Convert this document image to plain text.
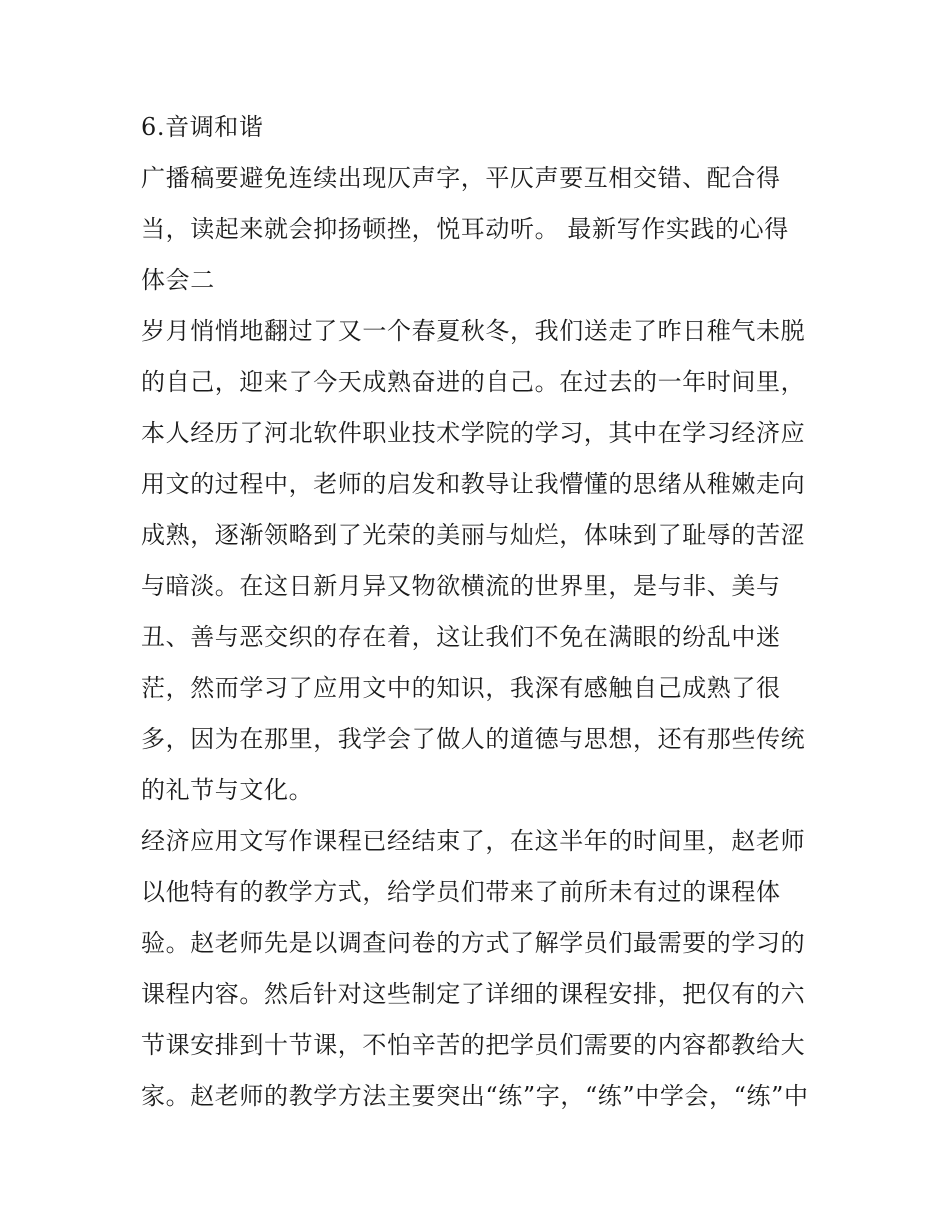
6.音调和谐
广播稿要避免连续出现仄声字，平仄声要互相交错、配合得
当，读起来就会抑扬顿挫，悦耳动听。 最新写作实践的心得
体会二
岁月悄悄地翻过了又一个春夏秋冬，我们送走了昨日稚气未脱
的自己，迎来了今天成熟奋进的自己。在过去的一年时间里，
本人经历了河北软件职业技术学院的学习，其中在学习经济应
用文的过程中，老师的启发和教导让我懵懂的思绪从稚嫩走向
成熟，逐渐领略到了光荣的美丽与灿烂，体味到了耻辱的苦涩
与暗淡。在这日新月异又物欲横流的世界里，是与非、美与
丑、善与恶交织的存在着，这让我们不免在满眼的纷乱中迷
茫，然而学习了应用文中的知识，我深有感触自己成熟了很
多，因为在那里，我学会了做人的道德与思想，还有那些传统
的礼节与文化。
经济应用文写作课程已经结束了，在这半年的时间里，赵老师
以他特有的教学方式，给学员们带来了前所未有过的课程体
验。赵老师先是以调查问卷的方式了解学员们最需要的学习的
课程内容。然后针对这些制定了详细的课程安排，把仅有的六
节课安排到十节课，不怕辛苦的把学员们需要的内容都教给大
家。赵老师的教学方法主要突出“练”字，“练”中学会，“练”中
